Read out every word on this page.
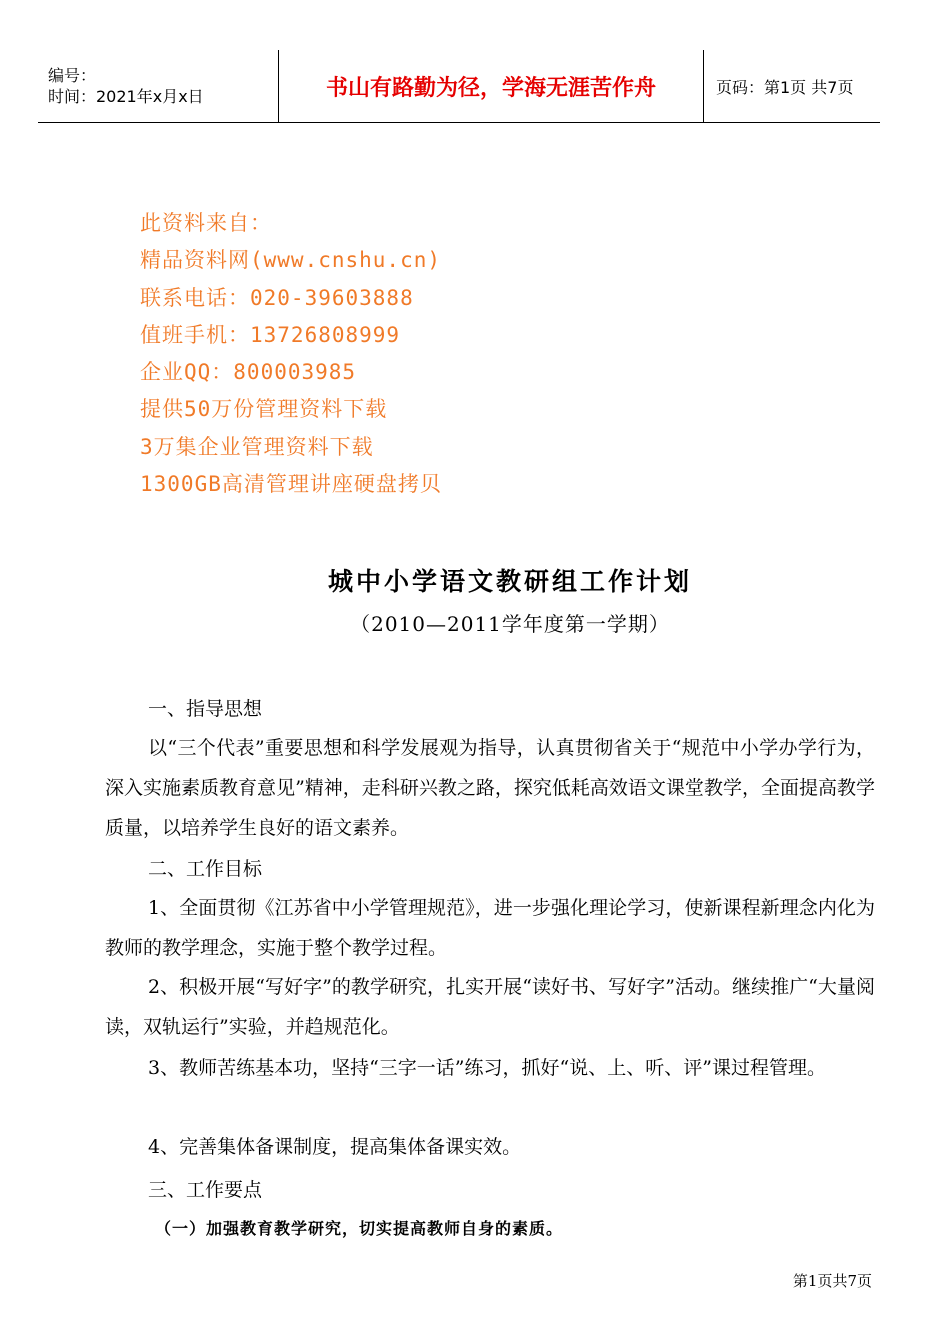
编号：
时间：2021年x月x日	书山有路勤为径，学海无涯苦作舟	页码：第1页 共7页
此资料来自：
精品资料网(www.cnshu.cn)
联系电话：020-39603888
值班手机：13726808999
企业QQ：800003985
提供50万份管理资料下载
3万集企业管理资料下载
1300GB高清管理讲座硬盘拷贝
城中小学语文教研组工作计划
（2010—2011学年度第一学期）
一、指导思想
以“三个代表”重要思想和科学发展观为指导，认真贯彻省关于“规范中小学办学行为，深入实施素质教育意见”精神，走科研兴教之路，探究低耗高效语文课堂教学，全面提高教学质量，以培养学生良好的语文素养。
二、工作目标
1、全面贯彻《江苏省中小学管理规范》，进一步强化理论学习，使新课程新理念内化为教师的教学理念，实施于整个教学过程。
2、积极开展“写好字”的教学研究，扎实开展“读好书、写好字”活动。继续推广“大量阅读，双轨运行”实验，并趋规范化。
3、教师苦练基本功，坚持“三字一话”练习，抓好“说、上、听、评”课过程管理。
4、完善集体备课制度，提高集体备课实效。
三、工作要点
（一）加强教育教学研究，切实提高教师自身的素质。
第1页共7页
